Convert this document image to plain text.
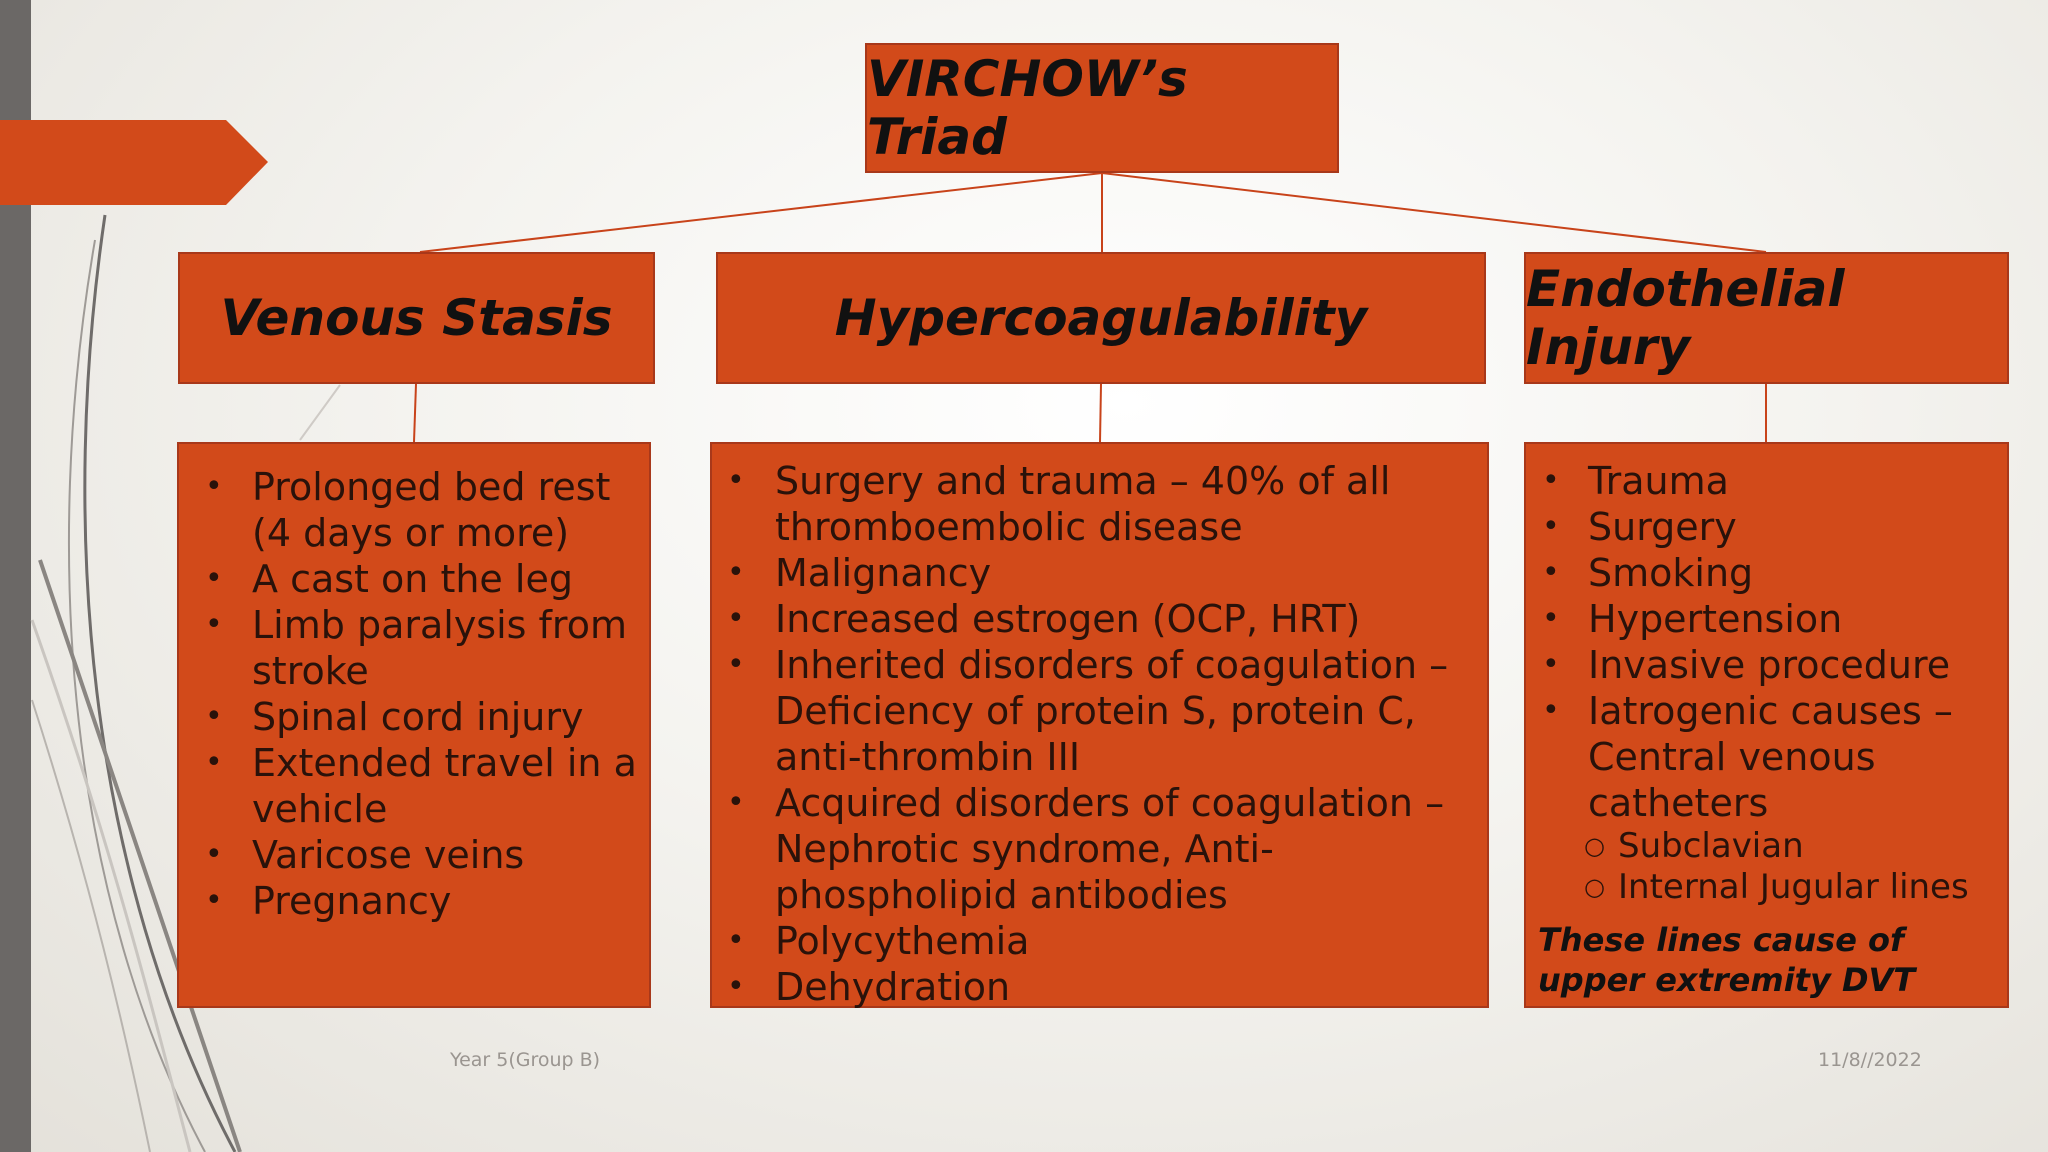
VIRCHOW’s Triad
Venous Stasis	Hypercoagulability	Endothelial Injury
• Prolonged bed rest (4 days or more)
• A cast on the leg
• Limb paralysis from stroke
• Spinal cord injury
• Extended travel in a vehicle
• Varicose veins
• Pregnancy
• Surgery and trauma – 40% of all thromboembolic disease
• Malignancy
• Increased estrogen (OCP, HRT)
• Inherited disorders of coagulation – Deficiency of protein S, protein C, anti-thrombin III
• Acquired disorders of coagulation – Nephrotic syndrome, Anti-phospholipid antibodies
• Polycythemia
• Dehydration
• Trauma
• Surgery
• Smoking
• Hypertension
• Invasive procedure
• Iatrogenic causes – Central venous catheters
○ Subclavian
○ Internal Jugular lines
These lines cause of upper extremity DVT
Year 5(Group B)	11/8//2022
